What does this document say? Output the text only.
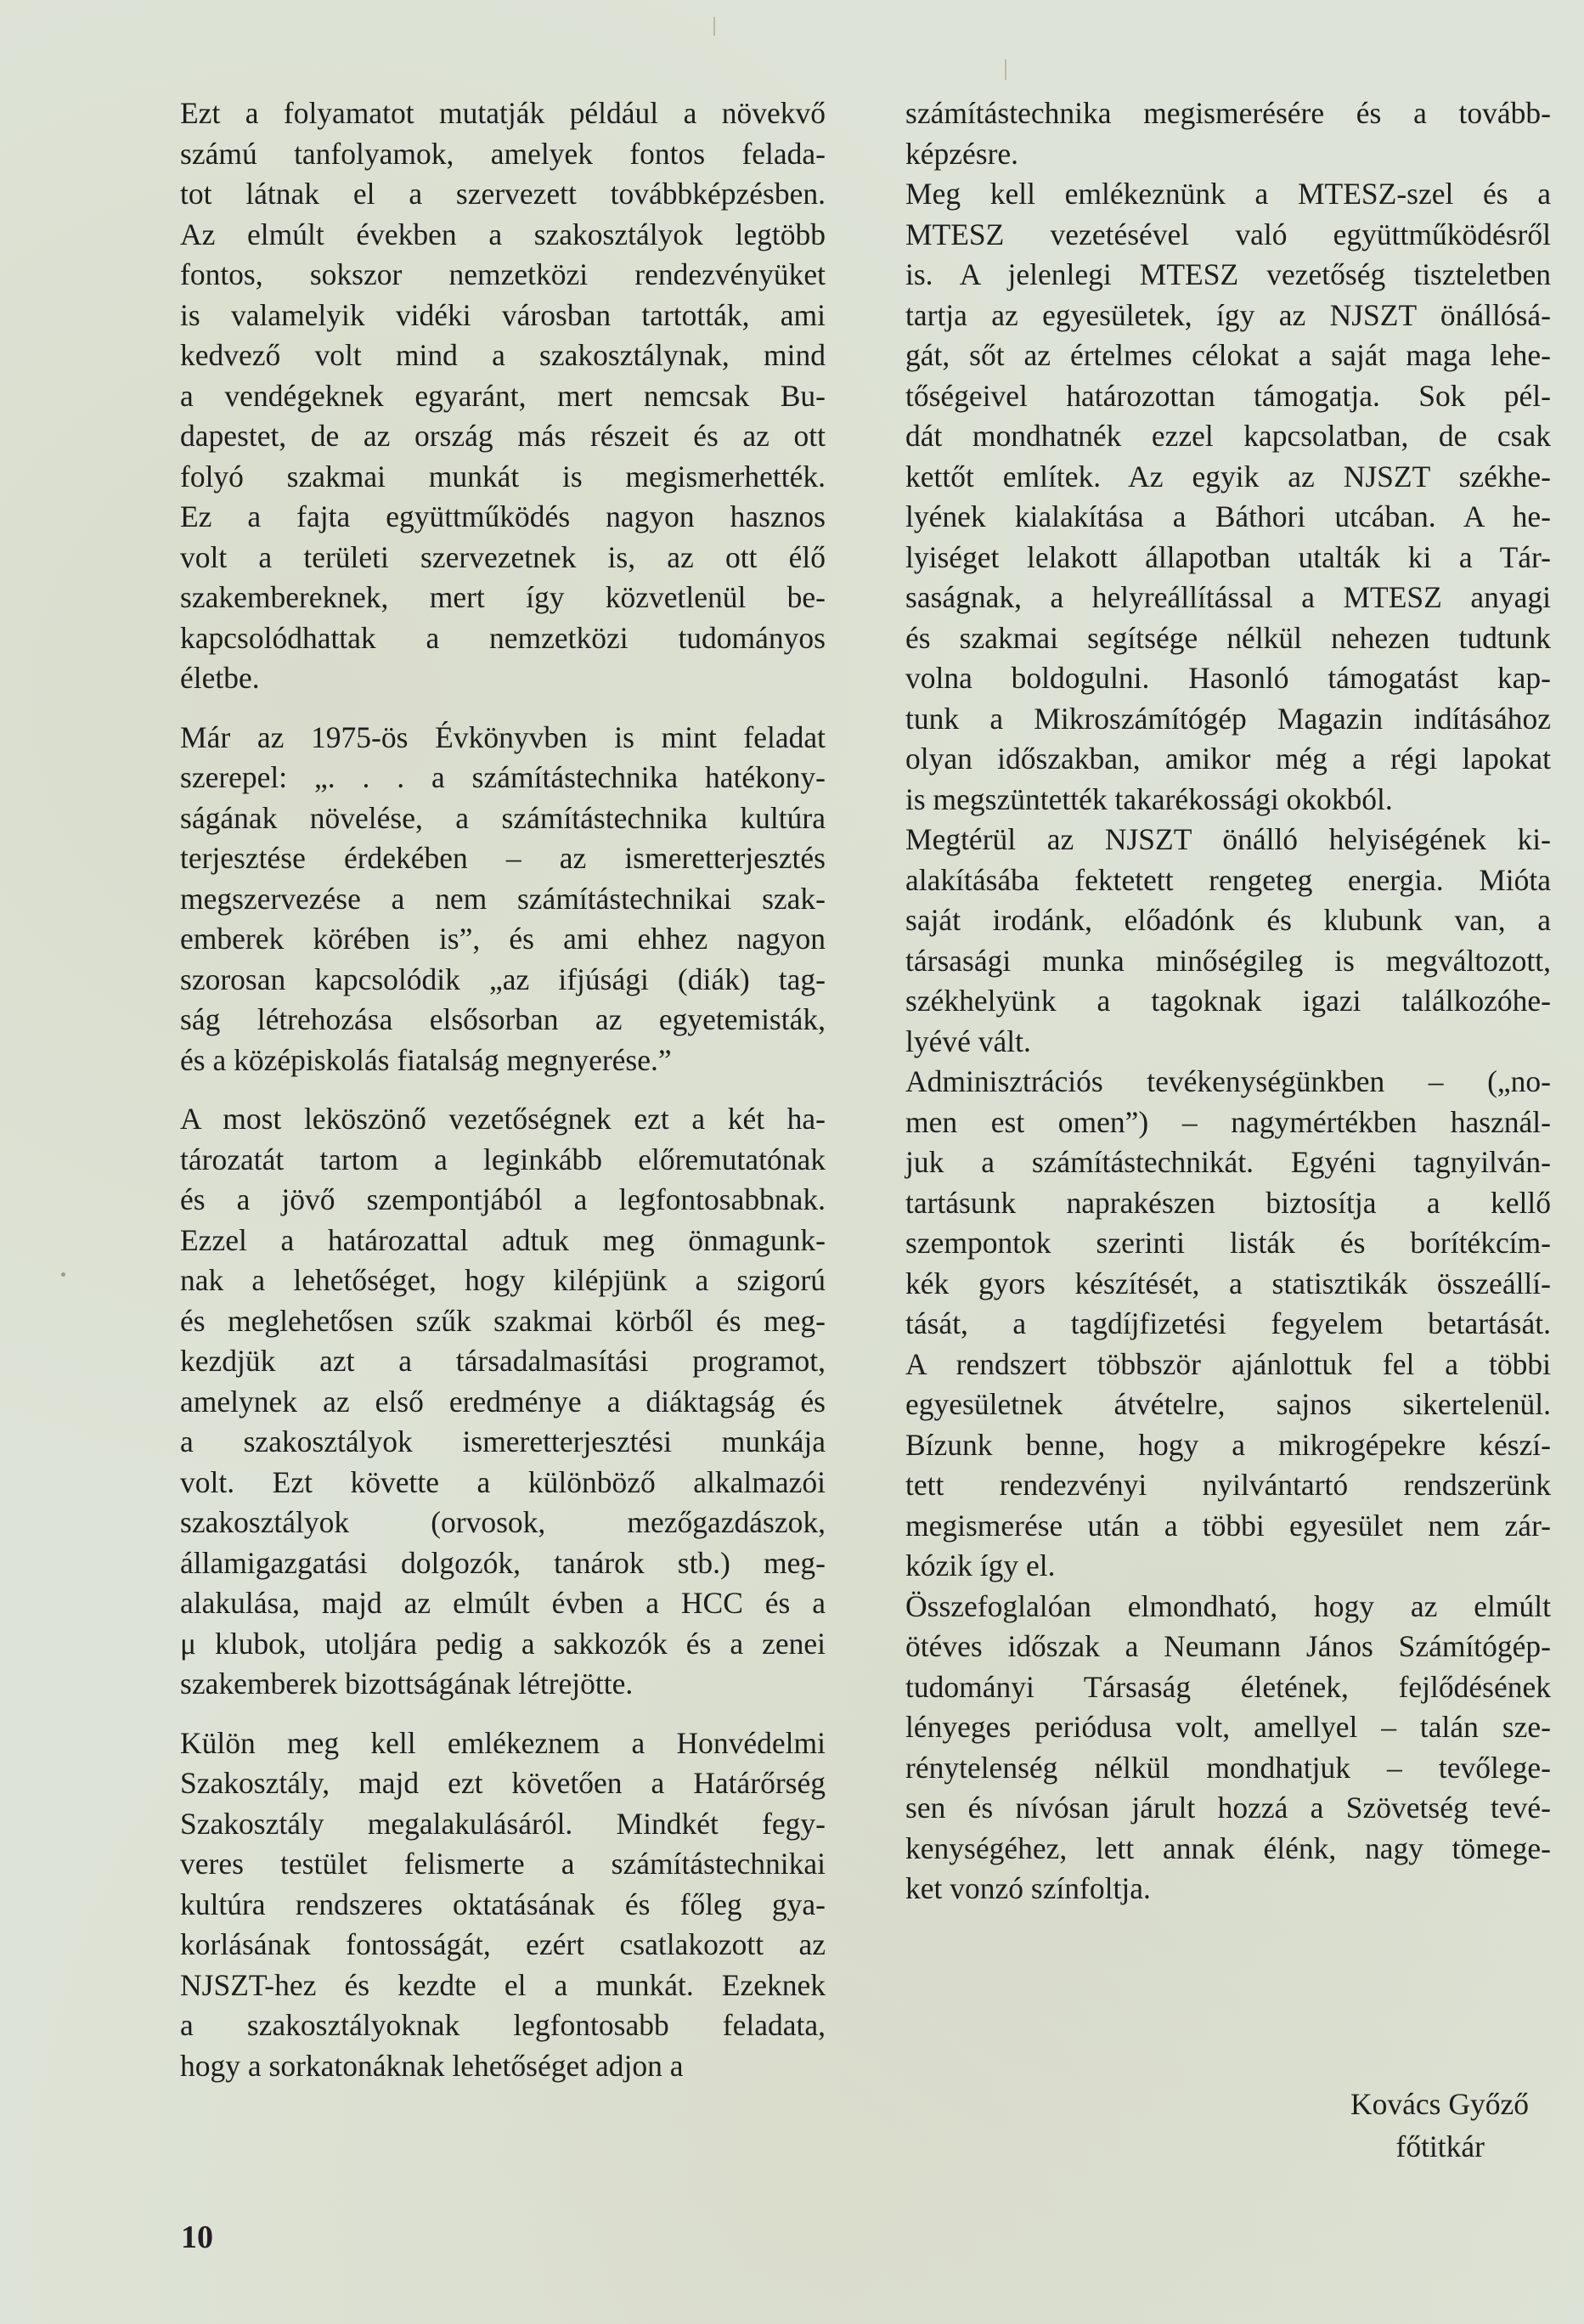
Ezt a folyamatot mutatják például a növekvő
számú tanfolyamok, amelyek fontos felada-
tot látnak el a szervezett továbbképzésben.
Az elmúlt években a szakosztályok legtöbb
fontos, sokszor nemzetközi rendezvényüket
is valamelyik vidéki városban tartották, ami
kedvező volt mind a szakosztálynak, mind
a vendégeknek egyaránt, mert nemcsak Bu-
dapestet, de az ország más részeit és az ott
folyó szakmai munkát is megismerhették.
Ez a fajta együttműködés nagyon hasznos
volt a területi szervezetnek is, az ott élő
szakembereknek, mert így közvetlenül be-
kapcsolódhattak a nemzetközi tudományos
életbe.
Már az 1975-ös Évkönyvben is mint feladat
szerepel: „. . . a számítástechnika hatékony-
ságának növelése, a számítástechnika kultúra
terjesztése érdekében – az ismeretterjesztés
megszervezése a nem számítástechnikai szak-
emberek körében is”, és ami ehhez nagyon
szorosan kapcsolódik „az ifjúsági (diák) tag-
ság létrehozása elsősorban az egyetemisták,
és a középiskolás fiatalság megnyerése.”
A most leköszönő vezetőségnek ezt a két ha-
tározatát tartom a leginkább előremutatónak
és a jövő szempontjából a legfontosabbnak.
Ezzel a határozattal adtuk meg önmagunk-
nak a lehetőséget, hogy kilépjünk a szigorú
és meglehetősen szűk szakmai körből és meg-
kezdjük azt a társadalmasítási programot,
amelynek az első eredménye a diáktagság és
a szakosztályok ismeretterjesztési munkája
volt. Ezt követte a különböző alkalmazói
szakosztályok (orvosok, mezőgazdászok,
államigazgatási dolgozók, tanárok stb.) meg-
alakulása, majd az elmúlt évben a HCC és a
μ klubok, utoljára pedig a sakkozók és a zenei
szakemberek bizottságának létrejötte.
Külön meg kell emlékeznem a Honvédelmi
Szakosztály, majd ezt követően a Határőrség
Szakosztály megalakulásáról. Mindkét fegy-
veres testület felismerte a számítástechnikai
kultúra rendszeres oktatásának és főleg gya-
korlásának fontosságát, ezért csatlakozott az
NJSZT-hez és kezdte el a munkát. Ezeknek
a szakosztályoknak legfontosabb feladata,
hogy a sorkatonáknak lehetőséget adjon a
számítástechnika megismerésére és a tovább-
képzésre.
Meg kell emlékeznünk a MTESZ-szel és a
MTESZ vezetésével való együttműködésről
is. A jelenlegi MTESZ vezetőség tiszteletben
tartja az egyesületek, így az NJSZT önállósá-
gát, sőt az értelmes célokat a saját maga lehe-
tőségeivel határozottan támogatja. Sok pél-
dát mondhatnék ezzel kapcsolatban, de csak
kettőt említek. Az egyik az NJSZT székhe-
lyének kialakítása a Báthori utcában. A he-
lyiséget lelakott állapotban utalták ki a Tár-
saságnak, a helyreállítással a MTESZ anyagi
és szakmai segítsége nélkül nehezen tudtunk
volna boldogulni. Hasonló támogatást kap-
tunk a Mikroszámítógép Magazin indításához
olyan időszakban, amikor még a régi lapokat
is megszüntették takarékossági okokból.
Megtérül az NJSZT önálló helyiségének ki-
alakításába fektetett rengeteg energia. Mióta
saját irodánk, előadónk és klubunk van, a
társasági munka minőségileg is megváltozott,
székhelyünk a tagoknak igazi találkozóhe-
lyévé vált.
Adminisztrációs tevékenységünkben – („no-
men est omen”) – nagymértékben használ-
juk a számítástechnikát. Egyéni tagnyilván-
tartásunk naprakészen biztosítja a kellő
szempontok szerinti listák és borítékcím-
kék gyors készítését, a statisztikák összeállí-
tását, a tagdíjfizetési fegyelem betartását.
A rendszert többször ajánlottuk fel a többi
egyesületnek átvételre, sajnos sikertelenül.
Bízunk benne, hogy a mikrogépekre készí-
tett rendezvényi nyilvántartó rendszerünk
megismerése után a többi egyesület nem zár-
kózik így el.
Összefoglalóan elmondható, hogy az elmúlt
ötéves időszak a Neumann János Számítógép-
tudományi Társaság életének, fejlődésének
lényeges periódusa volt, amellyel – talán sze-
rénytelenség nélkül mondhatjuk – tevőlege-
sen és nívósan járult hozzá a Szövetség tevé-
kenységéhez, lett annak élénk, nagy tömege-
ket vonzó színfoltja.
Kovács Győző
főtitkár
10
